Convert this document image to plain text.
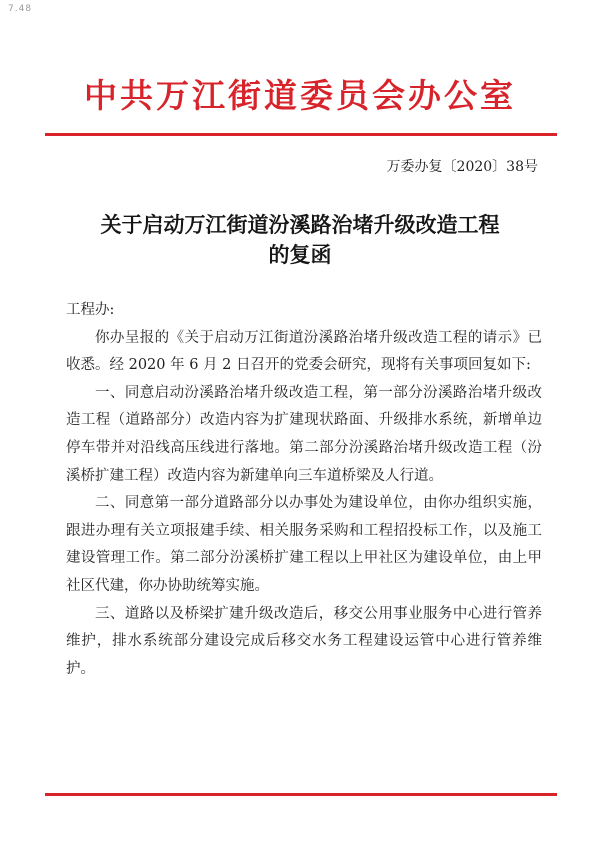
7.48
中共万江街道委员会办公室
万委办复〔2020〕38号
关于启动万江街道汾溪路治堵升级改造工程
的复函

工程办:

你办呈报的《关于启动万江街道汾溪路治堵升级改造工程的请示》已收悉。经 2020 年 6 月 2 日召开的党委会研究，现将有关事项回复如下:

一、同意启动汾溪路治堵升级改造工程，第一部分汾溪路治堵升级改造工程（道路部分）改造内容为扩建现状路面、升级排水系统，新增单边停车带并对沿线高压线进行落地。第二部分汾溪路治堵升级改造工程（汾溪桥扩建工程）改造内容为新建单向三车道桥梁及人行道。

二、同意第一部分道路部分以办事处为建设单位，由你办组织实施，跟进办理有关立项报建手续、相关服务采购和工程招投标工作，以及施工建设管理工作。第二部分汾溪桥扩建工程以上甲社区为建设单位，由上甲社区代建，你办协助统筹实施。

三、道路以及桥梁扩建升级改造后，移交公用事业服务中心进行管养维护，排水系统部分建设完成后移交水务工程建设运管中心进行管养维护。
